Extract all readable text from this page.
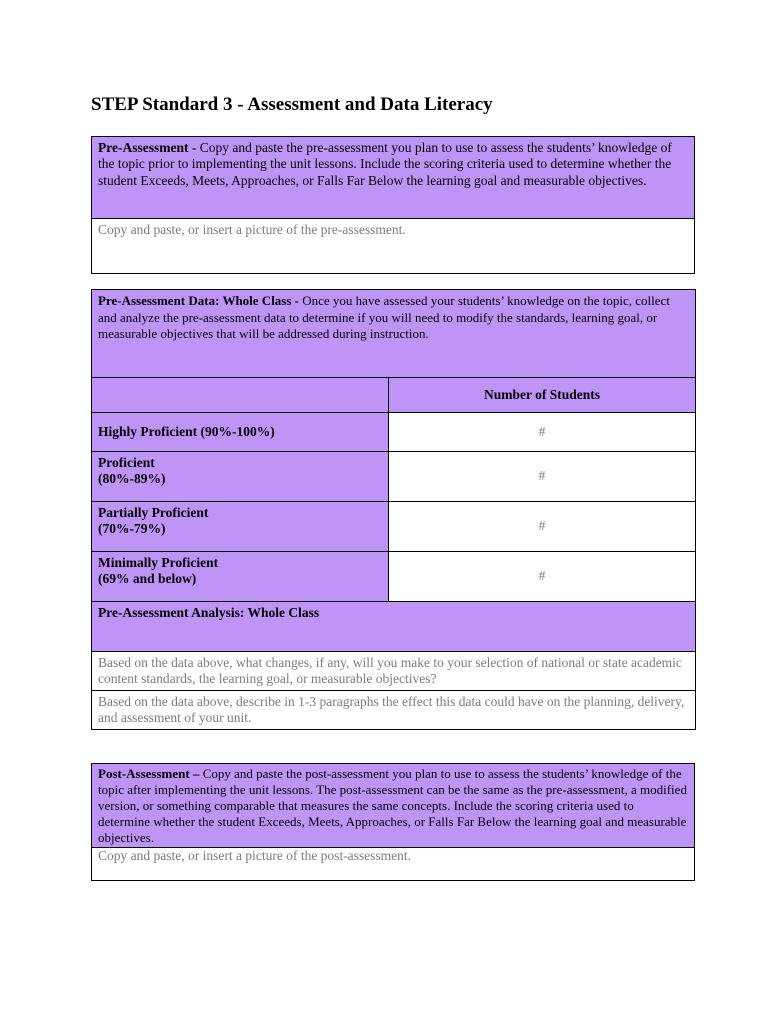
STEP Standard 3 - Assessment and Data Literacy
Pre-Assessment - Copy and paste the pre-assessment you plan to use to assess the students’ knowledge of the topic prior to implementing the unit lessons. Include the scoring criteria used to determine whether the student Exceeds, Meets, Approaches, or Falls Far Below the learning goal and measurable objectives.
Copy and paste, or insert a picture of the pre-assessment.
Pre-Assessment Data: Whole Class - Once you have assessed your students’ knowledge on the topic, collect and analyze the pre-assessment data to determine if you will need to modify the standards, learning goal, or measurable objectives that will be addressed during instruction.	
	Number of Students
Highly Proficient (90%-100%)	#
Proficient
(80%-89%)	#
Partially Proficient
(70%-79%)	#
Minimally Proficient
(69% and below)	#
Pre-Assessment Analysis: Whole Class	
Based on the data above, what changes, if any, will you make to your selection of national or state academic content standards, the learning goal, or measurable objectives?	
Based on the data above, describe in 1-3 paragraphs the effect this data could have on the planning, delivery, and assessment of your unit.	
Post-Assessment – Copy and paste the post-assessment you plan to use to assess the students’ knowledge of the topic after implementing the unit lessons. The post-assessment can be the same as the pre-assessment, a modified version, or something comparable that measures the same concepts. Include the scoring criteria used to determine whether the student Exceeds, Meets, Approaches, or Falls Far Below the learning goal and measurable objectives.
Copy and paste, or insert a picture of the post-assessment.
